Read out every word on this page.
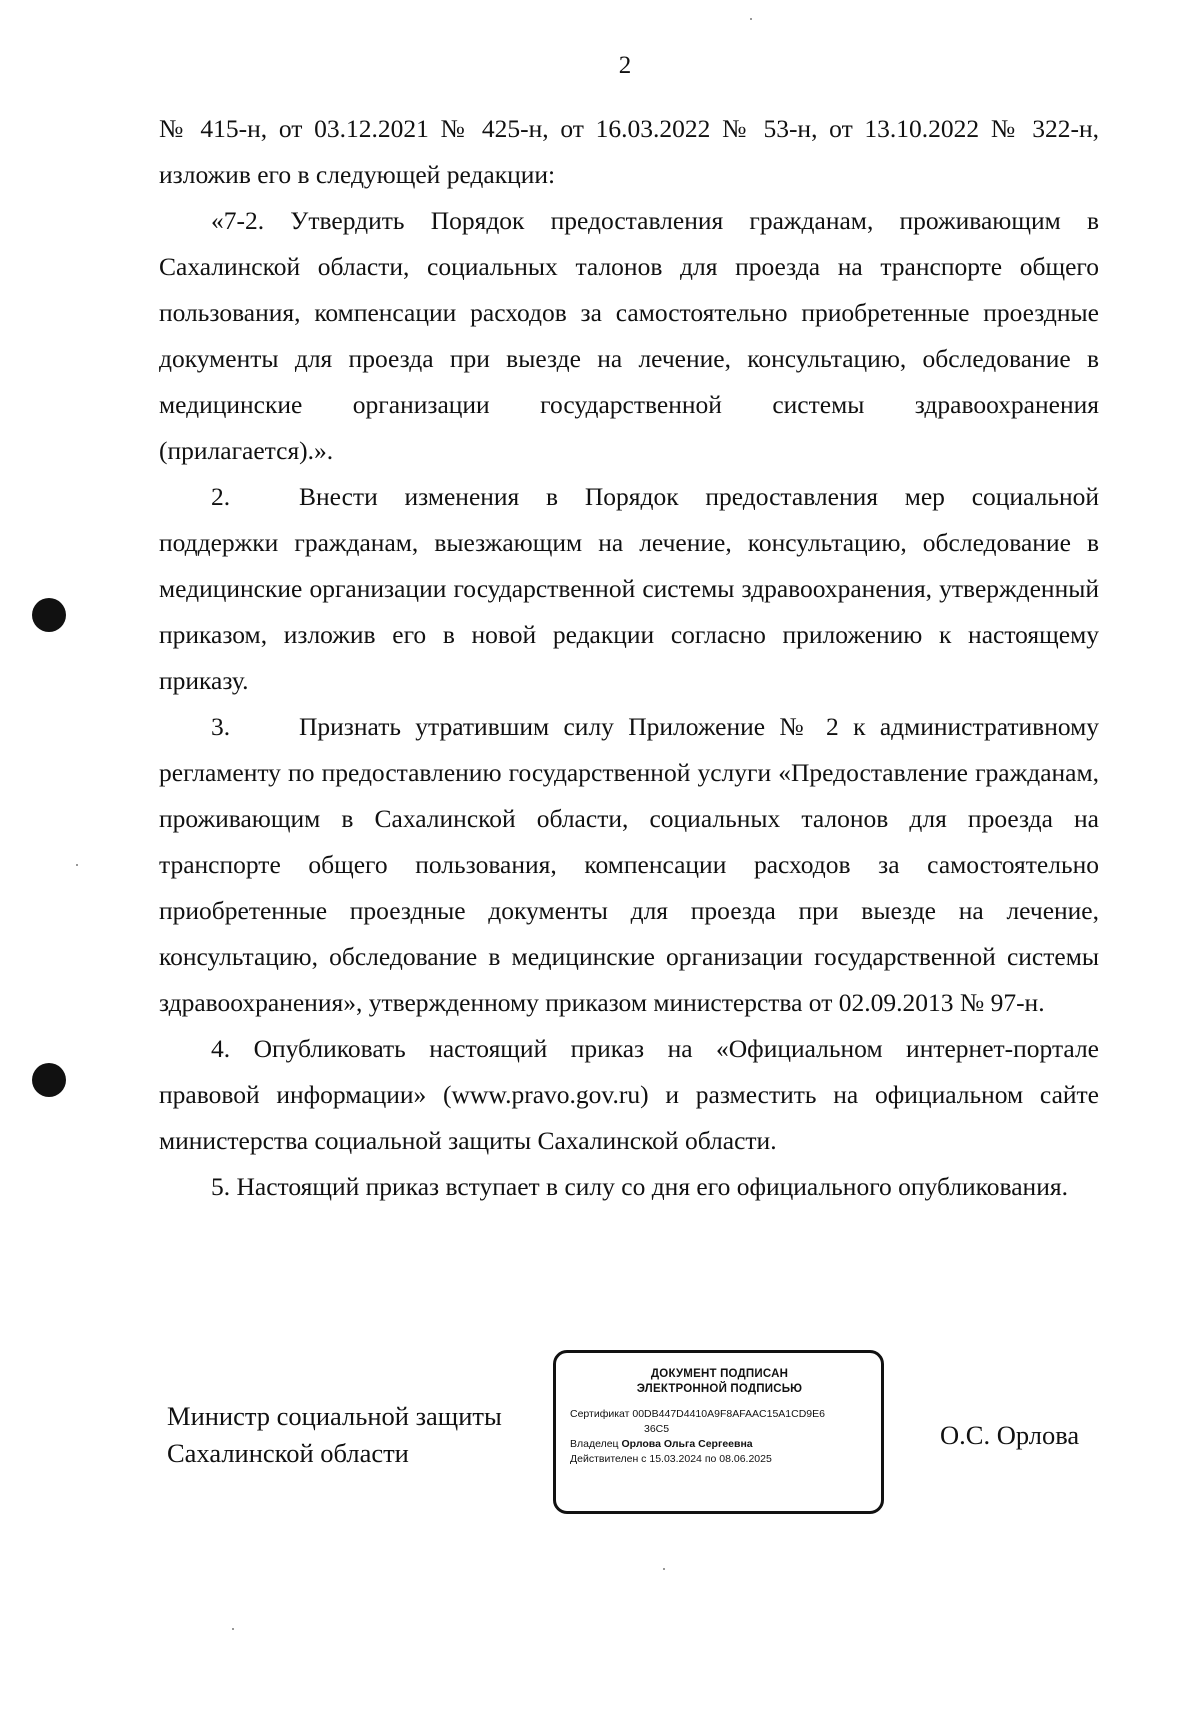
2

№ 415-н, от 03.12.2021 № 425-н, от 16.03.2022 № 53-н, от 13.10.2022 № 322-н, изложив его в следующей редакции:

«7-2. Утвердить Порядок предоставления гражданам, проживающим в Сахалинской области, социальных талонов для проезда на транспорте общего пользования, компенсации расходов за самостоятельно приобретенные проездные документы для проезда при выезде на лечение, консультацию, обследование в медицинские организации государственной системы здравоохранения (прилагается).».

2.	Внести изменения в Порядок предоставления мер социальной поддержки гражданам, выезжающим на лечение, консультацию, обследование в медицинские организации государственной системы здравоохранения, утвержденный приказом, изложив его в новой редакции согласно приложению к настоящему приказу.

3.	Признать утратившим силу Приложение № 2 к административному регламенту по предоставлению государственной услуги «Предоставление гражданам, проживающим в Сахалинской области, социальных талонов для проезда на транспорте общего пользования, компенсации расходов за самостоятельно приобретенные проездные документы для проезда при выезде на лечение, консультацию, обследование в медицинские организации государственной системы здравоохранения», утвержденному приказом министерства от 02.09.2013 № 97-н.

4. Опубликовать настоящий приказ на «Официальном интернет-портале правовой информации» (www.pravo.gov.ru) и разместить на официальном сайте министерства социальной защиты Сахалинской области.

5. Настоящий приказ вступает в силу со дня его официального опубликования.

Министр социальной защиты
Сахалинской области
ДОКУМЕНТ ПОДПИСАН
ЭЛЕКТРОННОЙ ПОДПИСЬЮ
Сертификат 00DB447D4410A9F8AFAAC15A1CD9E6
36C5
Владелец Орлова Ольга Сергеевна
Действителен с 15.03.2024 по 08.06.2025
О.С. Орлова
